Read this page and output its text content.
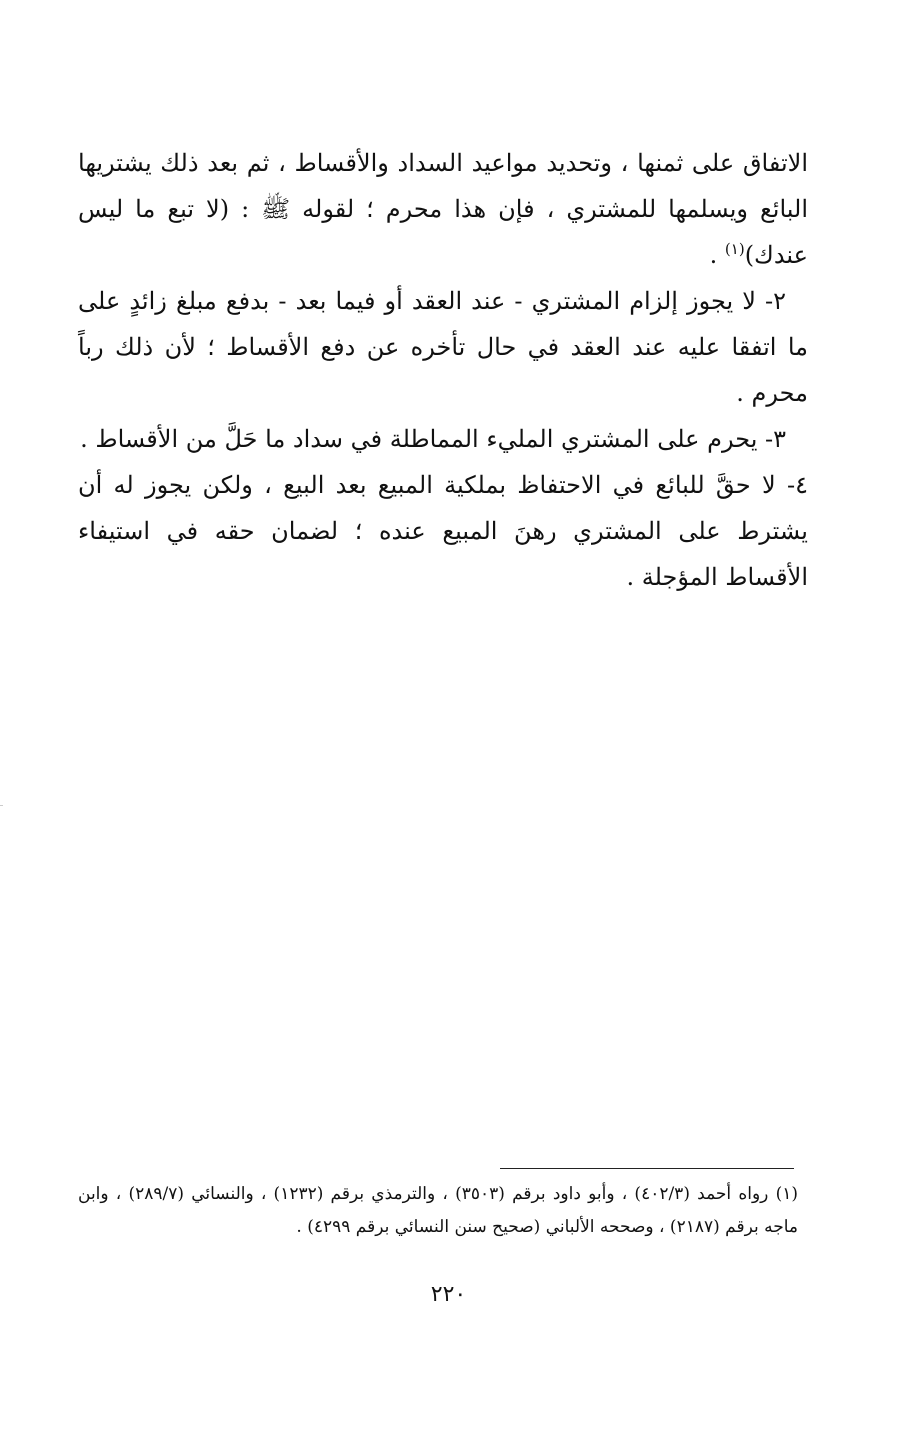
الاتفاق على ثمنها ، وتحديد مواعيد السداد والأقساط ، ثم بعد ذلك يشتريها البائع ويسلمها للمشتري ، فإن هذا محرم ؛ لقوله ﷺ : (لا تبع ما ليس عندك)$^{(١)}$ .

٢- لا يجوز إلزام المشتري - عند العقد أو فيما بعد - بدفع مبلغ زائدٍ على ما اتفقا عليه عند العقد في حال تأخره عن دفع الأقساط ؛ لأن ذلك رباً محرم .

٣- يحرم على المشتري المليء المماطلة في سداد ما حَلَّ من الأقساط .

٤- لا حقَّ للبائع في الاحتفاظ بملكية المبيع بعد البيع ، ولكن يجوز له أن يشترط على المشتري رهنَ المبيع عنده ؛ لضمان حقه في استيفاء الأقساط المؤجلة .

(١) رواه أحمد (٤٠٢/٣) ، وأبو داود برقم (٣٥٠٣) ، والترمذي برقم (١٢٣٢) ، والنسائي (٢٨٩/٧) ، وابن ماجه برقم (٢١٨٧) ، وصححه الألباني (صحيح سنن النسائي برقم ٤٢٩٩) .

٢٢٠
